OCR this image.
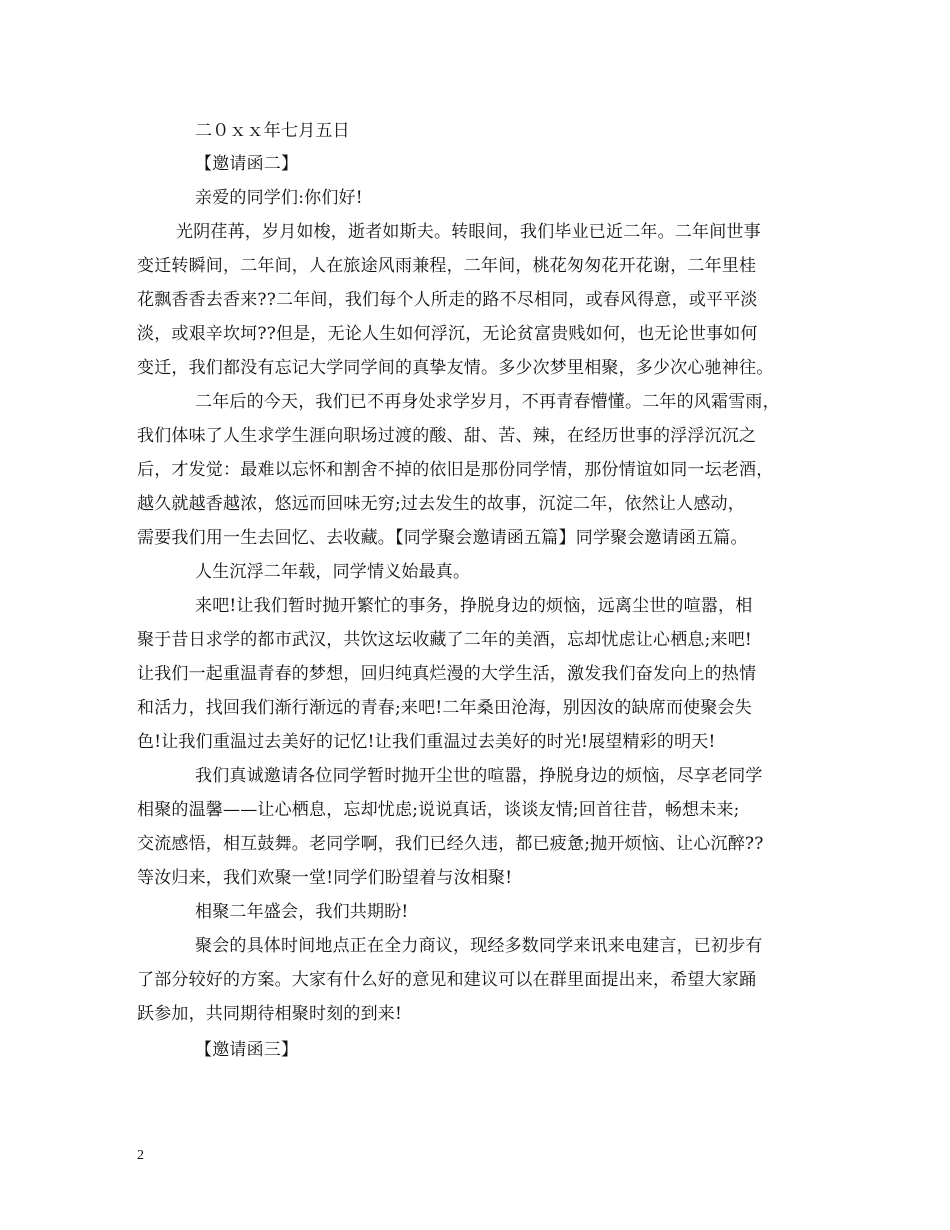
二０ｘｘ年七月五日
【邀请函二】
亲爱的同学们:你们好!
光阴荏苒，岁月如梭，逝者如斯夫。转眼间，我们毕业已近二年。二年间世事
变迁转瞬间，二年间，人在旅途风雨兼程，二年间，桃花匆匆花开花谢，二年里桂
花飘香香去香来??二年间，我们每个人所走的路不尽相同，或春风得意，或平平淡
淡，或艰辛坎坷??但是，无论人生如何浮沉，无论贫富贵贱如何，也无论世事如何
变迁，我们都没有忘记大学同学间的真挚友情。多少次梦里相聚，多少次心驰神往。
二年后的今天，我们已不再身处求学岁月，不再青春懵懂。二年的风霜雪雨，
我们体味了人生求学生涯向职场过渡的酸、甜、苦、辣，在经历世事的浮浮沉沉之
后，才发觉：最难以忘怀和割舍不掉的依旧是那份同学情，那份情谊如同一坛老酒，
越久就越香越浓，悠远而回味无穷;过去发生的故事，沉淀二年，依然让人感动，
需要我们用一生去回忆、去收藏。【同学聚会邀请函五篇】同学聚会邀请函五篇。
人生沉浮二年载，同学情义始最真。
来吧!让我们暂时抛开繁忙的事务，挣脱身边的烦恼，远离尘世的喧嚣，相
聚于昔日求学的都市武汉，共饮这坛收藏了二年的美酒，忘却忧虑让心栖息;来吧!
让我们一起重温青春的梦想，回归纯真烂漫的大学生活，激发我们奋发向上的热情
和活力，找回我们渐行渐远的青春;来吧!二年桑田沧海，别因汝的缺席而使聚会失
色!让我们重温过去美好的记忆!让我们重温过去美好的时光!展望精彩的明天!
我们真诚邀请各位同学暂时抛开尘世的喧嚣，挣脱身边的烦恼，尽享老同学
相聚的温馨——让心栖息，忘却忧虑;说说真话，谈谈友情;回首往昔，畅想未来;
交流感悟，相互鼓舞。老同学啊，我们已经久违，都已疲惫;抛开烦恼、让心沉醉??
等汝归来，我们欢聚一堂!同学们盼望着与汝相聚!
相聚二年盛会，我们共期盼!
聚会的具体时间地点正在全力商议，现经多数同学来讯来电建言，已初步有
了部分较好的方案。大家有什么好的意见和建议可以在群里面提出来，希望大家踊
跃参加，共同期待相聚时刻的到来!
【邀请函三】
2
